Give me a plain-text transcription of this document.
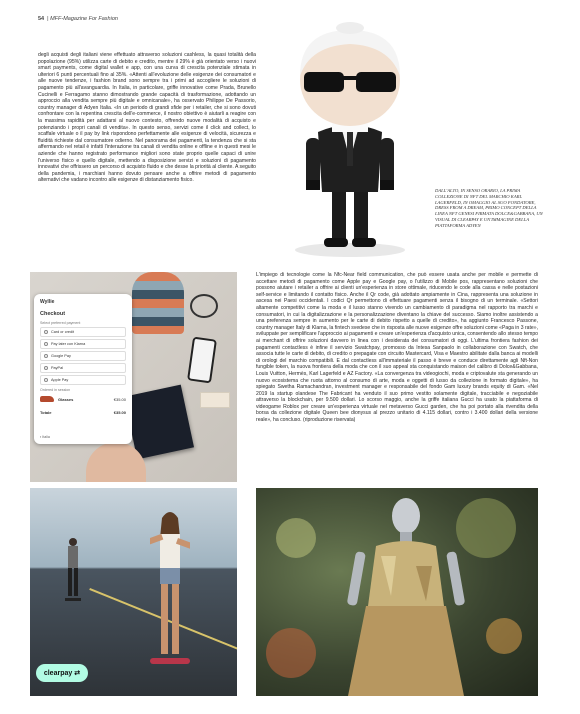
54 | MFF-Magazine For Fashion
degli acquisti degli italiani viene effettuato attraverso soluzioni cashless, la quasi totalità della popolazione (95%) utilizza carte di debito e credito, mentre il 29% è già orientato verso i nuovi smart payments, come digital wallet e app, con una curva di crescita potenziale stimata in ulteriori 6 punti percentuali fino al 35%. «Attenti all'evoluzione delle esigenze dei consumatori e alle nuove tendenze, i fashion brand sono sempre tra i primi ad accogliere le soluzioni di pagamento più all'avanguardia. In Italia, in particolare, griffe innovative come Prada, Brunello Cucinelli e Ferragamo stanno dimostrando grande capacità di trasformazione, adottando un approccio alla vendita sempre più digitale e omnicanale», ha osservato Philippe De Passorio, country manager di Adyen Italia. «In un periodo di grandi sfide per i retailer, che si sono dovuti confrontare con la repentina crescita dell'e-commerce, il nostro obiettivo è aiutarli a reagire con la massima rapidità per adattarsi al nuovo contesto, offrendo nuove modalità di acquisto e potenziando i propri canali di vendita». In questo senso, servizi come il click and collect, lo scaffale virtuale o il pay by link rispondono perfettamente alle esigenze di velocità, sicurezza e fluidità richieste dal consumatore odierno. Nel panorama dei pagamenti, la tendenza che si sta affermando nel retail è infatti l'interazione tra canali di vendita online e offline e in questi mesi le aziende che hanno registrato performance migliori sono state proprio quelle capaci di unire l'universo fisico e quello digitale, mettendo a disposizione servizi e soluzioni di pagamento innovativi che offrissero un percorso di acquisto fluido e che desse la priorità al cliente. A seguito della pandemia, i marchiani hanno dovuto pensare anche a offrire metodi di pagamento alternativi che vadano incontro alle esigenze di distanziamento fisico.
DALL'ALTO, IN SENSO ORARIO, LA PRIMA COLLEZIONE DI NFT DEL MARCHIO KARL LAGERFELD, IN OMAGGIO AL SUO FONDATORE, DRESS FROM A DREAM, PRIMO CONCEPT DELLA LINEA NFT GENESI FIRMATA DOLCE&GABBANA, UN VISUAL DI CLEARPAY E UN'IMMAGINE DELLA PIATTAFORMA ADYEN
Wyllie
Checkout
Select preferred payment
Card or credit
Pay later con Klarna
Google Pay
PayPal
Apple Pay
Ordered in session
Glasses	€35.00
Totale	€35.00
▪ Italia
L'impiego di tecnologie come la Nfc-Near field communication, che può essere usata anche per mobile e permette di accettare metodi di pagamento come Apple pay e Google pay, o l'utilizzo di Mobile pos, rappresentano soluzioni che possono aiutare i retailer a offrire ai clienti un'esperienza in store ottimale, riducendo le code alla cassa e nelle postazioni self-service e limitando il contatto fisico. Anche il Qr code, già adottato ampiamente in Cina, rappresenta una soluzione in ascesa nei Paesi occidentali. I codici Qr permettono di effettuare pagamenti senza il bisogno di un terminale. «Settori altamente competitivi come la moda e il lusso stanno vivendo un cambiamento di paradigma nel rapporto tra marchi e consumatori, in cui la digitalizzazione e la personalizzazione diventano la chiave del successo. Siamo inoltre assistendo a una preferenza sempre in aumento per le carte di debito rispetto a quelle di credito», ha aggiunto Francesco Passone, country manager Italy di Klarna, la fintech svedese che in risposta alle nuove esigenze offre soluzioni come «Paga in 3 rate», sviluppate per semplificare l'approccio ai pagamenti e creare un'esperienza d'acquisto unica, consentendo allo stesso tempo ai merchant di offrire soluzioni davvero in linea con i desiderata dei consumatori di oggi. L'ultima frontiera fashion dei pagamenti contactless è infine il servizio Swatchpay, promosso da Intesa Sanpaolo in collaborazione con Swatch, che associa tutte le carte di debito, di credito o prepagate con circuito Mastercard, Visa e Maestro abilitate dalla banca ai modelli di orologi del marchio compatibili. E dal contactless all'immateriale il passo è breve e conduce direttamente agli Nft-Non fungible token, la nuova frontiera della moda che con il suo appeal sta conquistando maison del calibro di Dolce&Gabbana, Louis Vuitton, Hermès, Karl Lagerfeld e AZ Factory. «La convergenza tra videogiochi, moda e criptovalute sta generando un nuovo ecosistema che ruota attorno al consumo di arte, moda e oggetti di lusso da collezione in formato digitale», ha spiegato Swetha Ramachandran, investment manager e responsabile del fondo Gam luxury brands equity di Gam. «Nel 2019 la startup olandese The Fabricant ha venduto il suo primo vestito solamente digitale, tracciabile e negoziabile attraverso la blockchain, per 9.500 dollari. Lo scorso maggio, anche la griffe italiana Gucci ha usato la piattaforma di videogame Roblox per creare un'esperienza virtuale nel metaverso Gucci garden, che ha poi portato alla rivendita della borsa da collezione digitale Queen bee dionysus al prezzo unitario di 4.115 dollari, contro i 3.400 dollari della versione reale», ha concluso. (riproduzione riservata)
clearpay ⇄
